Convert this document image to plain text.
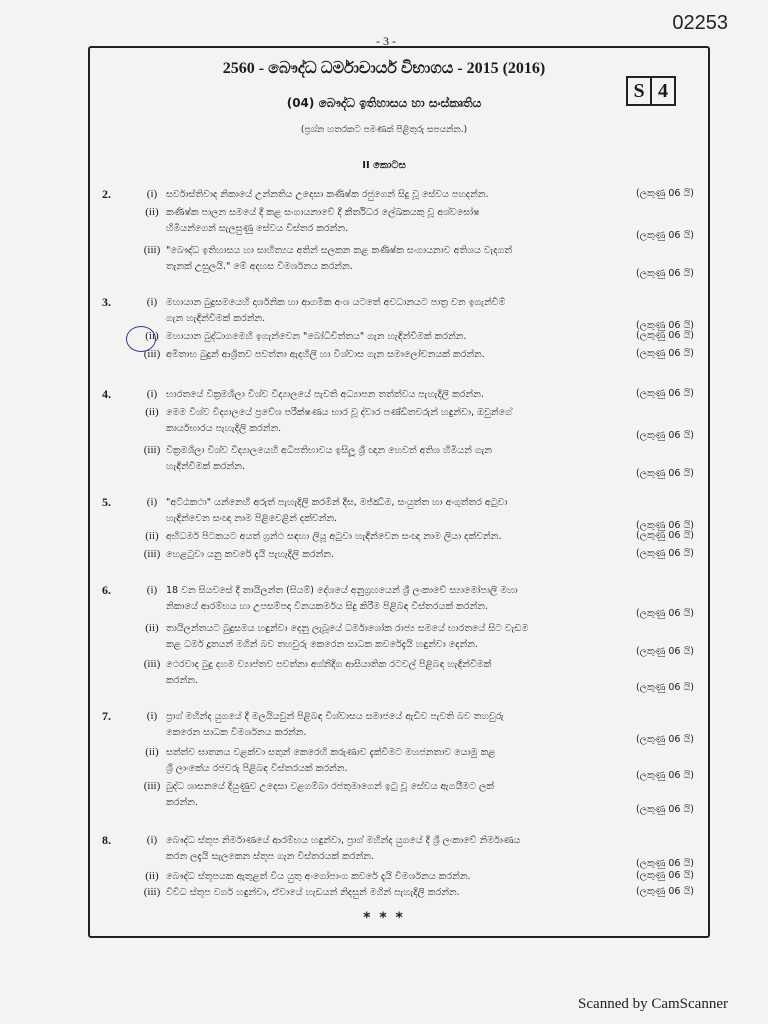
02253
- 3 -
2560 - බෞද්ධ ධර්මාචාර්ය විභාගය - 2015 (2016)
S 4
(04) බෞද්ධ ඉතිහාසය හා සංස්කෘතිය
(ප්‍රශ්න හතරකට පමණක් පිළිතුරු සපයන්න.)
II කොටස
2.	(i) සර්වාස්තිවාද නිකායේ උන්නතිය උදෙසා කණිෂ්ක රජුගෙන් සිදු වූ සේවය පහදන්න.	(ලකුණු 06 යි)
(ii) කණිෂ්ක පාලන සමයේ දී කළ සංගායනාවේ දී කීර්තිධර ලේඛකයකු වූ අශ්වඝෝෂ
හිමියන්ගෙන් සැලසුණු සේවය විස්තර කරන්න.
(ලකුණු 06 යි)
(iii) "බෞද්ධ ඉතිහාසය හා සාහිත්‍යය අතින් සලකන කළ කණිෂ්ක සංගායනාව අතිශය වැදගත්
තැනක් උසුලයි." මේ අදහස විමර්ශනය කරන්න.
(ලකුණු 06 යි)
3.	(i) මහායාන බුදුසමයෙහි දාර්ශනික හා ආගමික අංශ යටතේ අවධානයට පාත්‍ර වන ඉගැන්වීම්
ගැන හැඳින්වීමක් කරන්න.
(ලකුණු 06 යි)
(ii) මහායාන බුද්ධාගමෙහි ඉගැන්වෙන "බෝධිචිත්තය" ගැන හැඳින්වීමක් කරන්න.	(ලකුණු 06 යි)
(iii) අමිතාභ බුදුන් ආශ්‍රිතව පවත්නා ඇදහිලි හා විශ්වාස ගැන සමාලෝචනයක් කරන්න.	(ලකුණු 06 යි)
4.	(i) භාරතයේ වික්‍රමශිලා විශ්ව විද්‍යාලයේ පැවති අධ්‍යාපන තත්ත්වය පැහැදිලි කරන්න.	(ලකුණු 06 යි)
(ii) මෙම විශ්ව විද්‍යාලයේ ප්‍රවේශ පරීක්ෂණය භාර වූ ද්වාර පණ්ඩිතවරුන් හඳුන්වා, ඔවුන්ගේ
කාර්යභාරය පැහැදිලි කරන්න.
(ලකුණු 06 යි)
(iii) වික්‍රමශිලා විශ්ව විද්‍යාලයෙහි අධිපතිභාවය ඉසිලූ ශ්‍රී ඥාන හෙවත් අතිශ හිමියන් ගැන
හැඳින්වීමක් කරන්න.
(ලකුණු 06 යි)
5.	(i) "අට්ඨකථා" යන්නෙහි අරුත් පැහැදිලි කරමින් දීඝ, මජ්ඣිම, සංයුත්ත හා අංගුත්තර අටුවා
හැඳින්වෙන සංඥා නාම පිළිවෙළින් දක්වන්න.
(ලකුණු 06 යි)
(ii) අභිධර්ම පිටකයට අයත් ග්‍රන්ථ සඳහා ලියූ අටුවා හැඳින්වෙන සංඥා නාම ලියා දක්වන්න.	(ලකුණු 06 යි)
(iii) හෙළටුවා යනු කවරේ දැයි පැහැදිලි කරන්න.	(ලකුණු 06 යි)
6.	(i) 18 වන සියවසේ දී තායිලන්ත (සියම්) දේශයේ අනුග්‍රහයෙන් ශ්‍රී ලංකාවේ ස්‍යාමෝපාලි මහා
නිකායේ ආරම්භය හා උපසම්පදා විනයකර්මය සිදු කිරීම පිළිබඳ විස්තරයක් කරන්න.
(ලකුණු 06 යි)
(ii) තායිලන්තයට බුදුසමය හඳුන්වා දෙනු ලැබූයේ ධර්මාශෝක රාජ්‍ය සමයේ භාරතයේ සිට වැඩම
කළ ධර්ම දූතයන් මගින් බව තහවුරු කෙරෙන සාධක කවරේදැයි හඳුන්වා දෙන්න.
(ලකුණු 06 යි)
(iii) ථෙරවාද බුදු දහම ව්‍යාප්තව පවත්නා අග්නිදිග ආසියාතික රටවල් පිළිබඳ හැඳින්වීමක්
කරන්න.
(ලකුණු 06 යි)
7.	(i) ප්‍රාග් මහින්ද යුගයේ දී මලයියවුන් පිළිබඳ විශ්වාසය සමාජයේ ඇඩිව පැවති බව තහවුරු
කෙරෙන සාධක විමර්ශනය කරන්න.
(ලකුණු 06 යි)
(ii) සත්ත්ව ඝාතනය වළක්වා සතුන් කෙරෙහි කරුණාව දැක්වීමට මහජනතාව යොමු කළ
ශ්‍රී ලාංකේය රජවරු පිළිබඳ විස්තරයක් කරන්න.
(ලකුණු 06 යි)
(iii) බුද්ධ ශාසනයේ දියුණුව උදෙසා වළගම්බා රජතුමාගෙන් ඉටු වූ සේවය ඇගයීමට ලක්
කරන්න.
(ලකුණු 06 යි)
8.	(i) බෞද්ධ ස්තූප නිර්මාණයේ ආරම්භය හඳුන්වා, ප්‍රාග් මහින්ද යුගයේ දී ශ්‍රී ලංකාවේ නිර්මාණය
කරන ලදැයි සැලකෙන ස්තූප ගැන විස්තරයක් කරන්න.
(ලකුණු 06 යි)
(ii) බෞද්ධ ස්තූපයක ඇතුළත් විය යුතු අංගෝපාංග කවරේ දැයි විමර්ශනය කරන්න.	(ලකුණු 06 යි)
(iii) විවිධ ස්තූප වර්ග හඳුන්වා, ඒවායේ හැඩයන් නිදසුන් මගින් පැහැදිලි කරන්න.	(ලකුණු 06 යි)
* * *
Scanned by CamScanner
